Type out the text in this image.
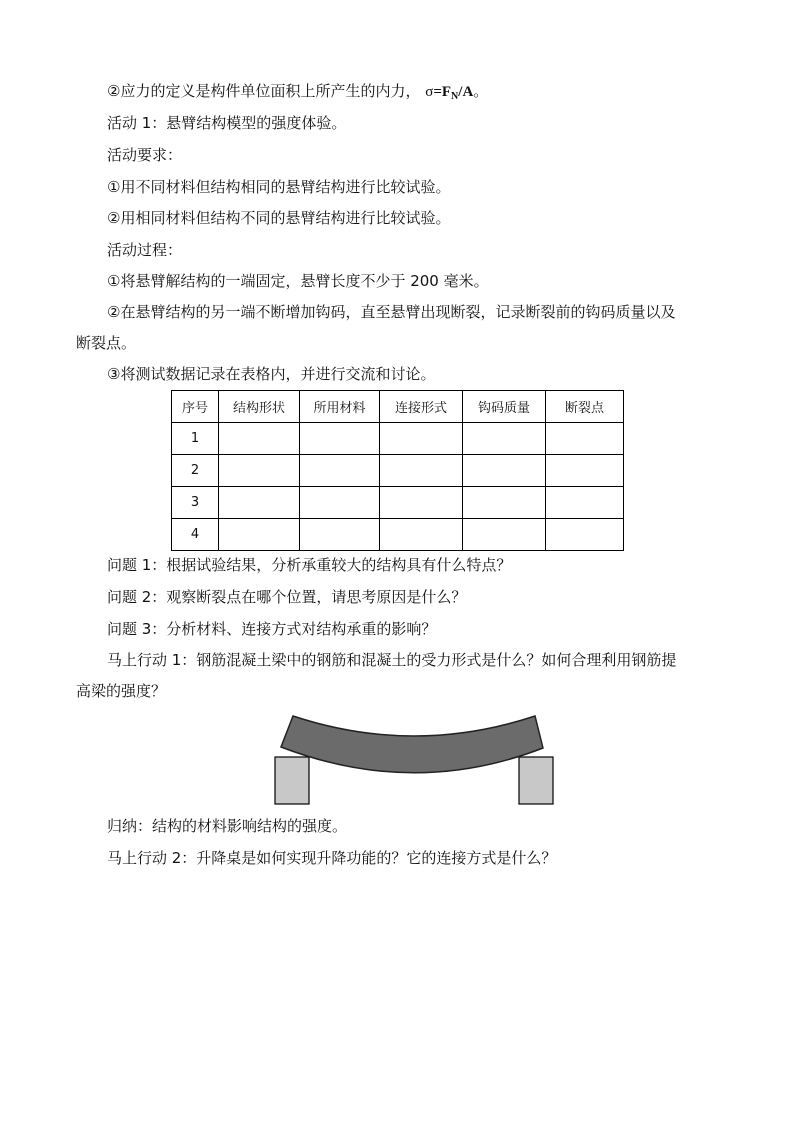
②应力的定义是构件单位面积上所产生的内力， $\sigma=F_N/A$。
活动 1：悬臂结构模型的强度体验。
活动要求：
①用不同材料但结构相同的悬臂结构进行比较试验。
②用相同材料但结构不同的悬臂结构进行比较试验。
活动过程：
①将悬臂解结构的一端固定，悬臂长度不少于 200 毫米。
②在悬臂结构的另一端不断增加钩码，直至悬臂出现断裂，记录断裂前的钩码质量以及
断裂点。
③将测试数据记录在表格内，并进行交流和讨论。
序号	结构形状	所用材料	连接形式	钩码质量	断裂点
1					
2					
3					
4					
问题 1：根据试验结果，分析承重较大的结构具有什么特点？
问题 2：观察断裂点在哪个位置，请思考原因是什么？
问题 3：分析材料、连接方式对结构承重的影响？
马上行动 1：钢筋混凝土梁中的钢筋和混凝土的受力形式是什么？如何合理利用钢筋提
高梁的强度？
归纳：结构的材料影响结构的强度。
马上行动 2：升降桌是如何实现升降功能的？它的连接方式是什么？
